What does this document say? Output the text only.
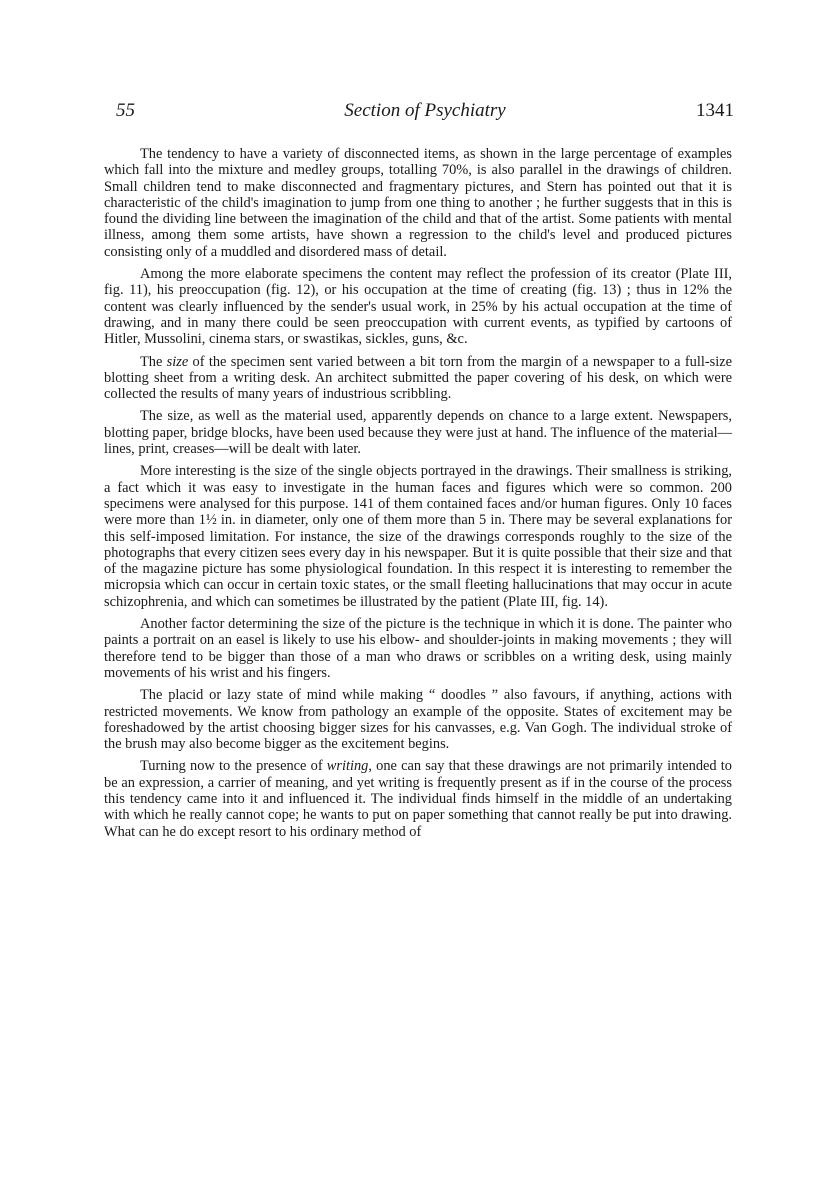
55	Section of Psychiatry	1341

The tendency to have a variety of disconnected items, as shown in the large percentage of examples which fall into the mixture and medley groups, totalling 70%, is also parallel in the drawings of children. Small children tend to make disconnected and fragmentary pictures, and Stern has pointed out that it is characteristic of the child's imagination to jump from one thing to another ; he further suggests that in this is found the dividing line between the imagination of the child and that of the artist. Some patients with mental illness, among them some artists, have shown a regression to the child's level and produced pictures consisting only of a muddled and disordered mass of detail.

Among the more elaborate specimens the content may reflect the profession of its creator (Plate III, fig. 11), his preoccupation (fig. 12), or his occupation at the time of creating (fig. 13) ; thus in 12% the content was clearly influenced by the sender's usual work, in 25% by his actual occupation at the time of drawing, and in many there could be seen preoccupation with current events, as typified by cartoons of Hitler, Mussolini, cinema stars, or swastikas, sickles, guns, &c.

The size of the specimen sent varied between a bit torn from the margin of a newspaper to a full-size blotting sheet from a writing desk. An architect submitted the paper covering of his desk, on which were collected the results of many years of industrious scribbling.

The size, as well as the material used, apparently depends on chance to a large extent. Newspapers, blotting paper, bridge blocks, have been used because they were just at hand. The influence of the material—lines, print, creases—will be dealt with later.

More interesting is the size of the single objects portrayed in the drawings. Their smallness is striking, a fact which it was easy to investigate in the human faces and figures which were so common. 200 specimens were analysed for this purpose. 141 of them contained faces and/or human figures. Only 10 faces were more than 1½ in. in diameter, only one of them more than 5 in. There may be several explanations for this self-imposed limitation. For instance, the size of the drawings corresponds roughly to the size of the photographs that every citizen sees every day in his newspaper. But it is quite possible that their size and that of the magazine picture has some physiological foundation. In this respect it is interesting to remember the micropsia which can occur in certain toxic states, or the small fleeting hallucinations that may occur in acute schizophrenia, and which can sometimes be illustrated by the patient (Plate III, fig. 14).

Another factor determining the size of the picture is the technique in which it is done. The painter who paints a portrait on an easel is likely to use his elbow- and shoulder-joints in making movements ; they will therefore tend to be bigger than those of a man who draws or scribbles on a writing desk, using mainly movements of his wrist and his fingers.

The placid or lazy state of mind while making “ doodles ” also favours, if anything, actions with restricted movements. We know from pathology an example of the opposite. States of excitement may be foreshadowed by the artist choosing bigger sizes for his canvasses, e.g. Van Gogh. The individual stroke of the brush may also become bigger as the excitement begins.

Turning now to the presence of writing, one can say that these drawings are not primarily intended to be an expression, a carrier of meaning, and yet writing is frequently present as if in the course of the process this tendency came into it and influenced it. The individual finds himself in the middle of an undertaking with which he really cannot cope; he wants to put on paper something that cannot really be put into drawing. What can he do except resort to his ordinary method of
